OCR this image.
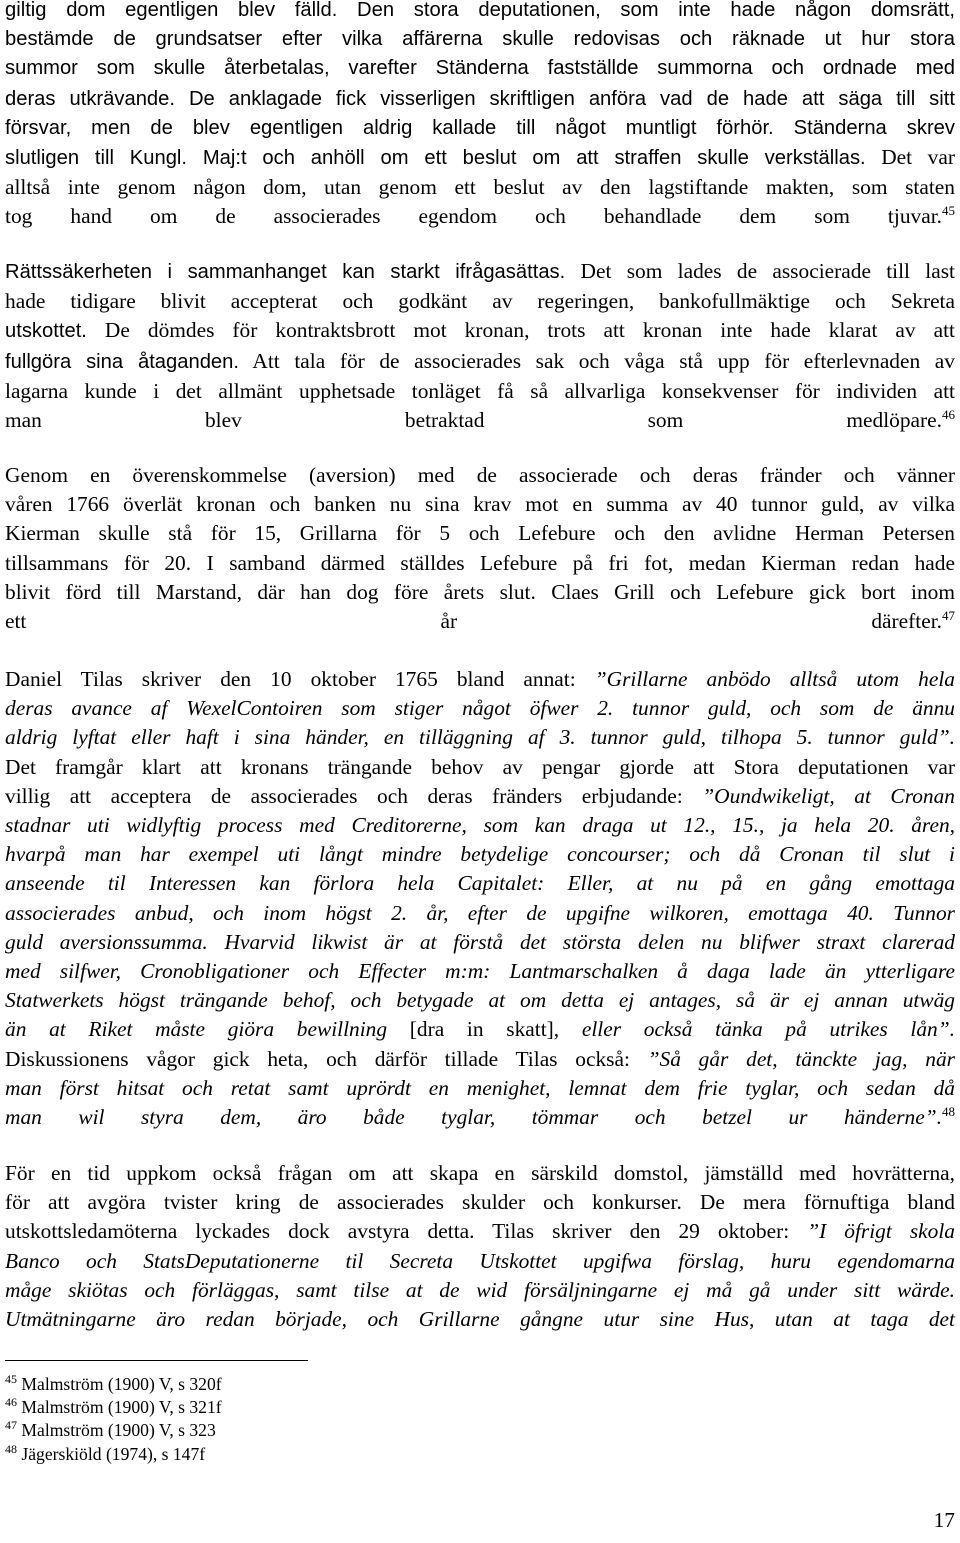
giltig dom egentligen blev fälld. Den stora deputationen, som inte hade någon domsrätt,
bestämde de grundsatser efter vilka affärerna skulle redovisas och räknade ut hur stora
summor som skulle återbetalas, varefter Ständerna fastställde summorna och ordnade med
deras utkrävande. De anklagade fick visserligen skriftligen anföra vad de hade att säga till sitt
försvar, men de blev egentligen aldrig kallade till något muntligt förhör. Ständerna skrev
slutligen till Kungl. Maj:t och anhöll om ett beslut om att straffen skulle verkställas. Det var
alltså inte genom någon dom, utan genom ett beslut av den lagstiftande makten, som staten
tog hand om de associerades egendom och behandlade dem som tjuvar.$^{45}$

Rättssäkerheten i sammanhanget kan starkt ifrågasättas. Det som lades de associerade till last
hade tidigare blivit accepterat och godkänt av regeringen, bankofullmäktige och Sekreta
utskottet. De dömdes för kontraktsbrott mot kronan, trots att kronan inte hade klarat av att
fullgöra sina åtaganden. Att tala för de associerades sak och våga stå upp för efterlevnaden av
lagarna kunde i det allmänt upphetsade tonläget få så allvarliga konsekvenser för individen att
man blev betraktad som medlöpare.$^{46}$

Genom en överenskommelse (aversion) med de associerade och deras fränder och vänner
våren 1766 överlät kronan och banken nu sina krav mot en summa av 40 tunnor guld, av vilka
Kierman skulle stå för 15, Grillarna för 5 och Lefebure och den avlidne Herman Petersen
tillsammans för 20. I samband därmed ställdes Lefebure på fri fot, medan Kierman redan hade
blivit förd till Marstand, där han dog före årets slut. Claes Grill och Lefebure gick bort inom
ett år därefter.$^{47}$

Daniel Tilas skriver den 10 oktober 1765 bland annat: ”Grillarne anbödo alltså utom hela
deras avance af WexelContoiren som stiger något öfwer 2. tunnor guld, och som de ännu
aldrig lyftat eller haft i sina händer, en tilläggning af 3. tunnor guld, tilhopa 5. tunnor guld”.
Det framgår klart att kronans trängande behov av pengar gjorde att Stora deputationen var
villig att acceptera de associerades och deras fränders erbjudande: ”Oundwikeligt, at Cronan
stadnar uti widlyftig process med Creditorerne, som kan draga ut 12., 15., ja hela 20. åren,
hvarpå man har exempel uti långt mindre betydelige concourser; och då Cronan til slut i
anseende til Interessen kan förlora hela Capitalet: Eller, at nu på en gång emottaga
associerades anbud, och inom högst 2. år, efter de upgifne wilkoren, emottaga 40. Tunnor
guld aversionssumma. Hvarvid likwist är at förstå det största delen nu blifwer straxt clarerad
med silfwer, Cronobligationer och Effecter m:m: Lantmarschalken å daga lade än ytterligare
Statwerkets högst trängande behof, och betygade at om detta ej antages, så är ej annan utwäg
än at Riket måste giöra bewillning [dra in skatt], eller också tänka på utrikes lån”.
Diskussionens vågor gick heta, och därför tillade Tilas också: ”Så går det, tänckte jag, när
man först hitsat och retat samt uprördt en menighet, lemnat dem frie tyglar, och sedan då
man wil styra dem, äro både tyglar, tömmar och betzel ur händerne”.$^{48}$

För en tid uppkom också frågan om att skapa en särskild domstol, jämställd med hovrätterna,
för att avgöra tvister kring de associerades skulder och konkurser. De mera förnuftiga bland
utskottsledamöterna lyckades dock avstyra detta. Tilas skriver den 29 oktober: ”I öfrigt skola
Banco och StatsDeputationerne til Secreta Utskottet upgifwa förslag, huru egendomarna
måge skiötas och förläggas, samt tilse at de wid försäljningarne ej må gå under sitt wärde.
Utmätningarne äro redan började, och Grillarne gångne utur sine Hus, utan at taga det

$^{45}$ Malmström (1900) V, s 320f
$^{46}$ Malmström (1900) V, s 321f
$^{47}$ Malmström (1900) V, s 323
$^{48}$ Jägerskiöld (1974), s 147f
17
